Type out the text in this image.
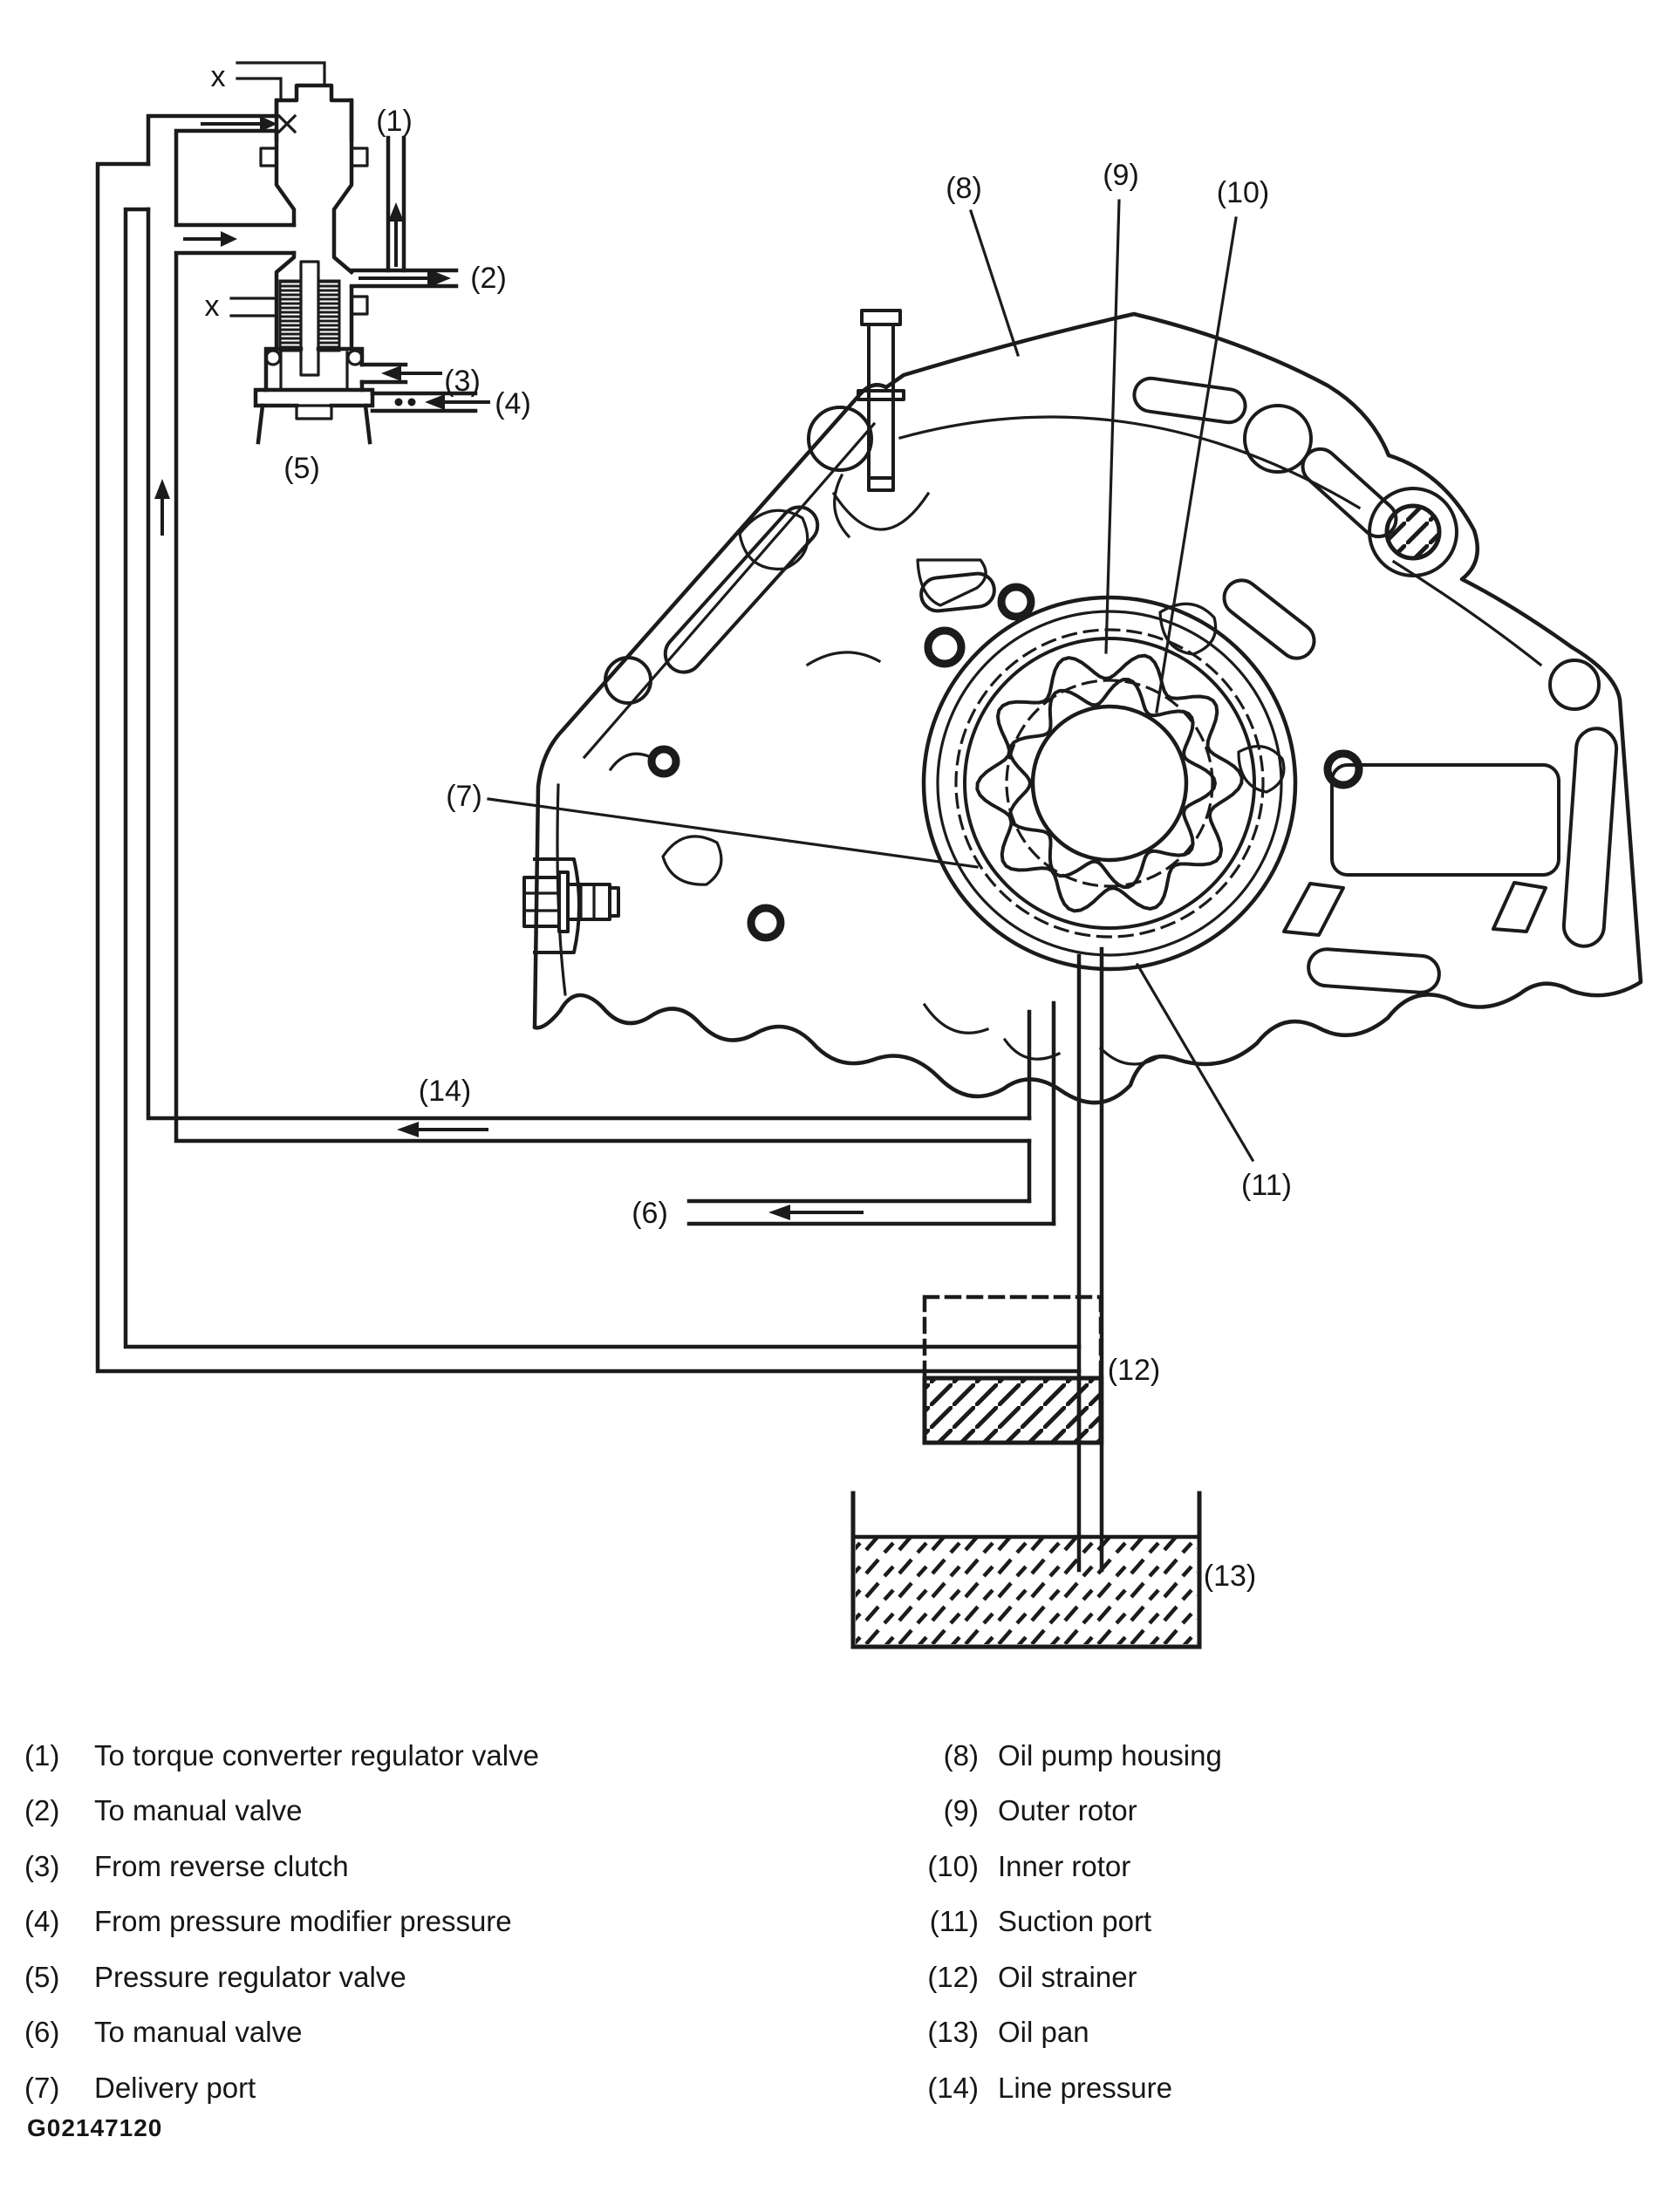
(1)
(2)
(3)
(4)
(5)
(6)
(7)
(8)	(9)
(10)
(11)
(12)
(13)
(14)
x
x
(1)	To torque converter regulator valve
(2)	To manual valve
(3)	From reverse clutch
(4)	From pressure modifier pressure
(5)	Pressure regulator valve
(6)	To manual valve
(7)	Delivery port
(8) Oil pump housing
(9) Outer rotor
(10) Inner rotor
(11) Suction port
(12) Oil strainer
(13) Oil pan
(14) Line pressure
G02147120
